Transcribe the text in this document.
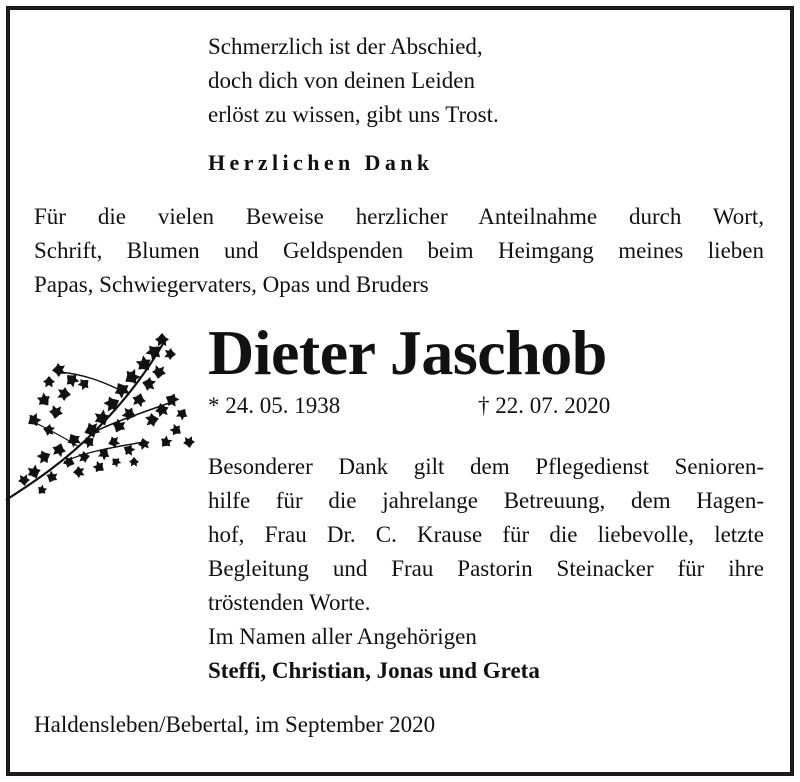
Schmerzlich ist der Abschied,
doch dich von deinen Leiden
erlöst zu wissen, gibt uns Trost.
Herzlichen Dank
Für die vielen Beweise herzlicher Anteilnahme durch Wort,
Schrift, Blumen und Geldspenden beim Heimgang meines lieben
Papas, Schwiegervaters, Opas und Bruders
Dieter Jaschob
* 24. 05. 1938	† 22. 07. 2020
Besonderer Dank gilt dem Pflegedienst Senioren-
hilfe für die jahrelange Betreuung, dem Hagen-
hof, Frau Dr. C. Krause für die liebevolle, letzte
Begleitung und Frau Pastorin Steinacker für ihre
tröstenden Worte.
Im Namen aller Angehörigen
Steffi, Christian, Jonas und Greta
Haldensleben/Bebertal, im September 2020
